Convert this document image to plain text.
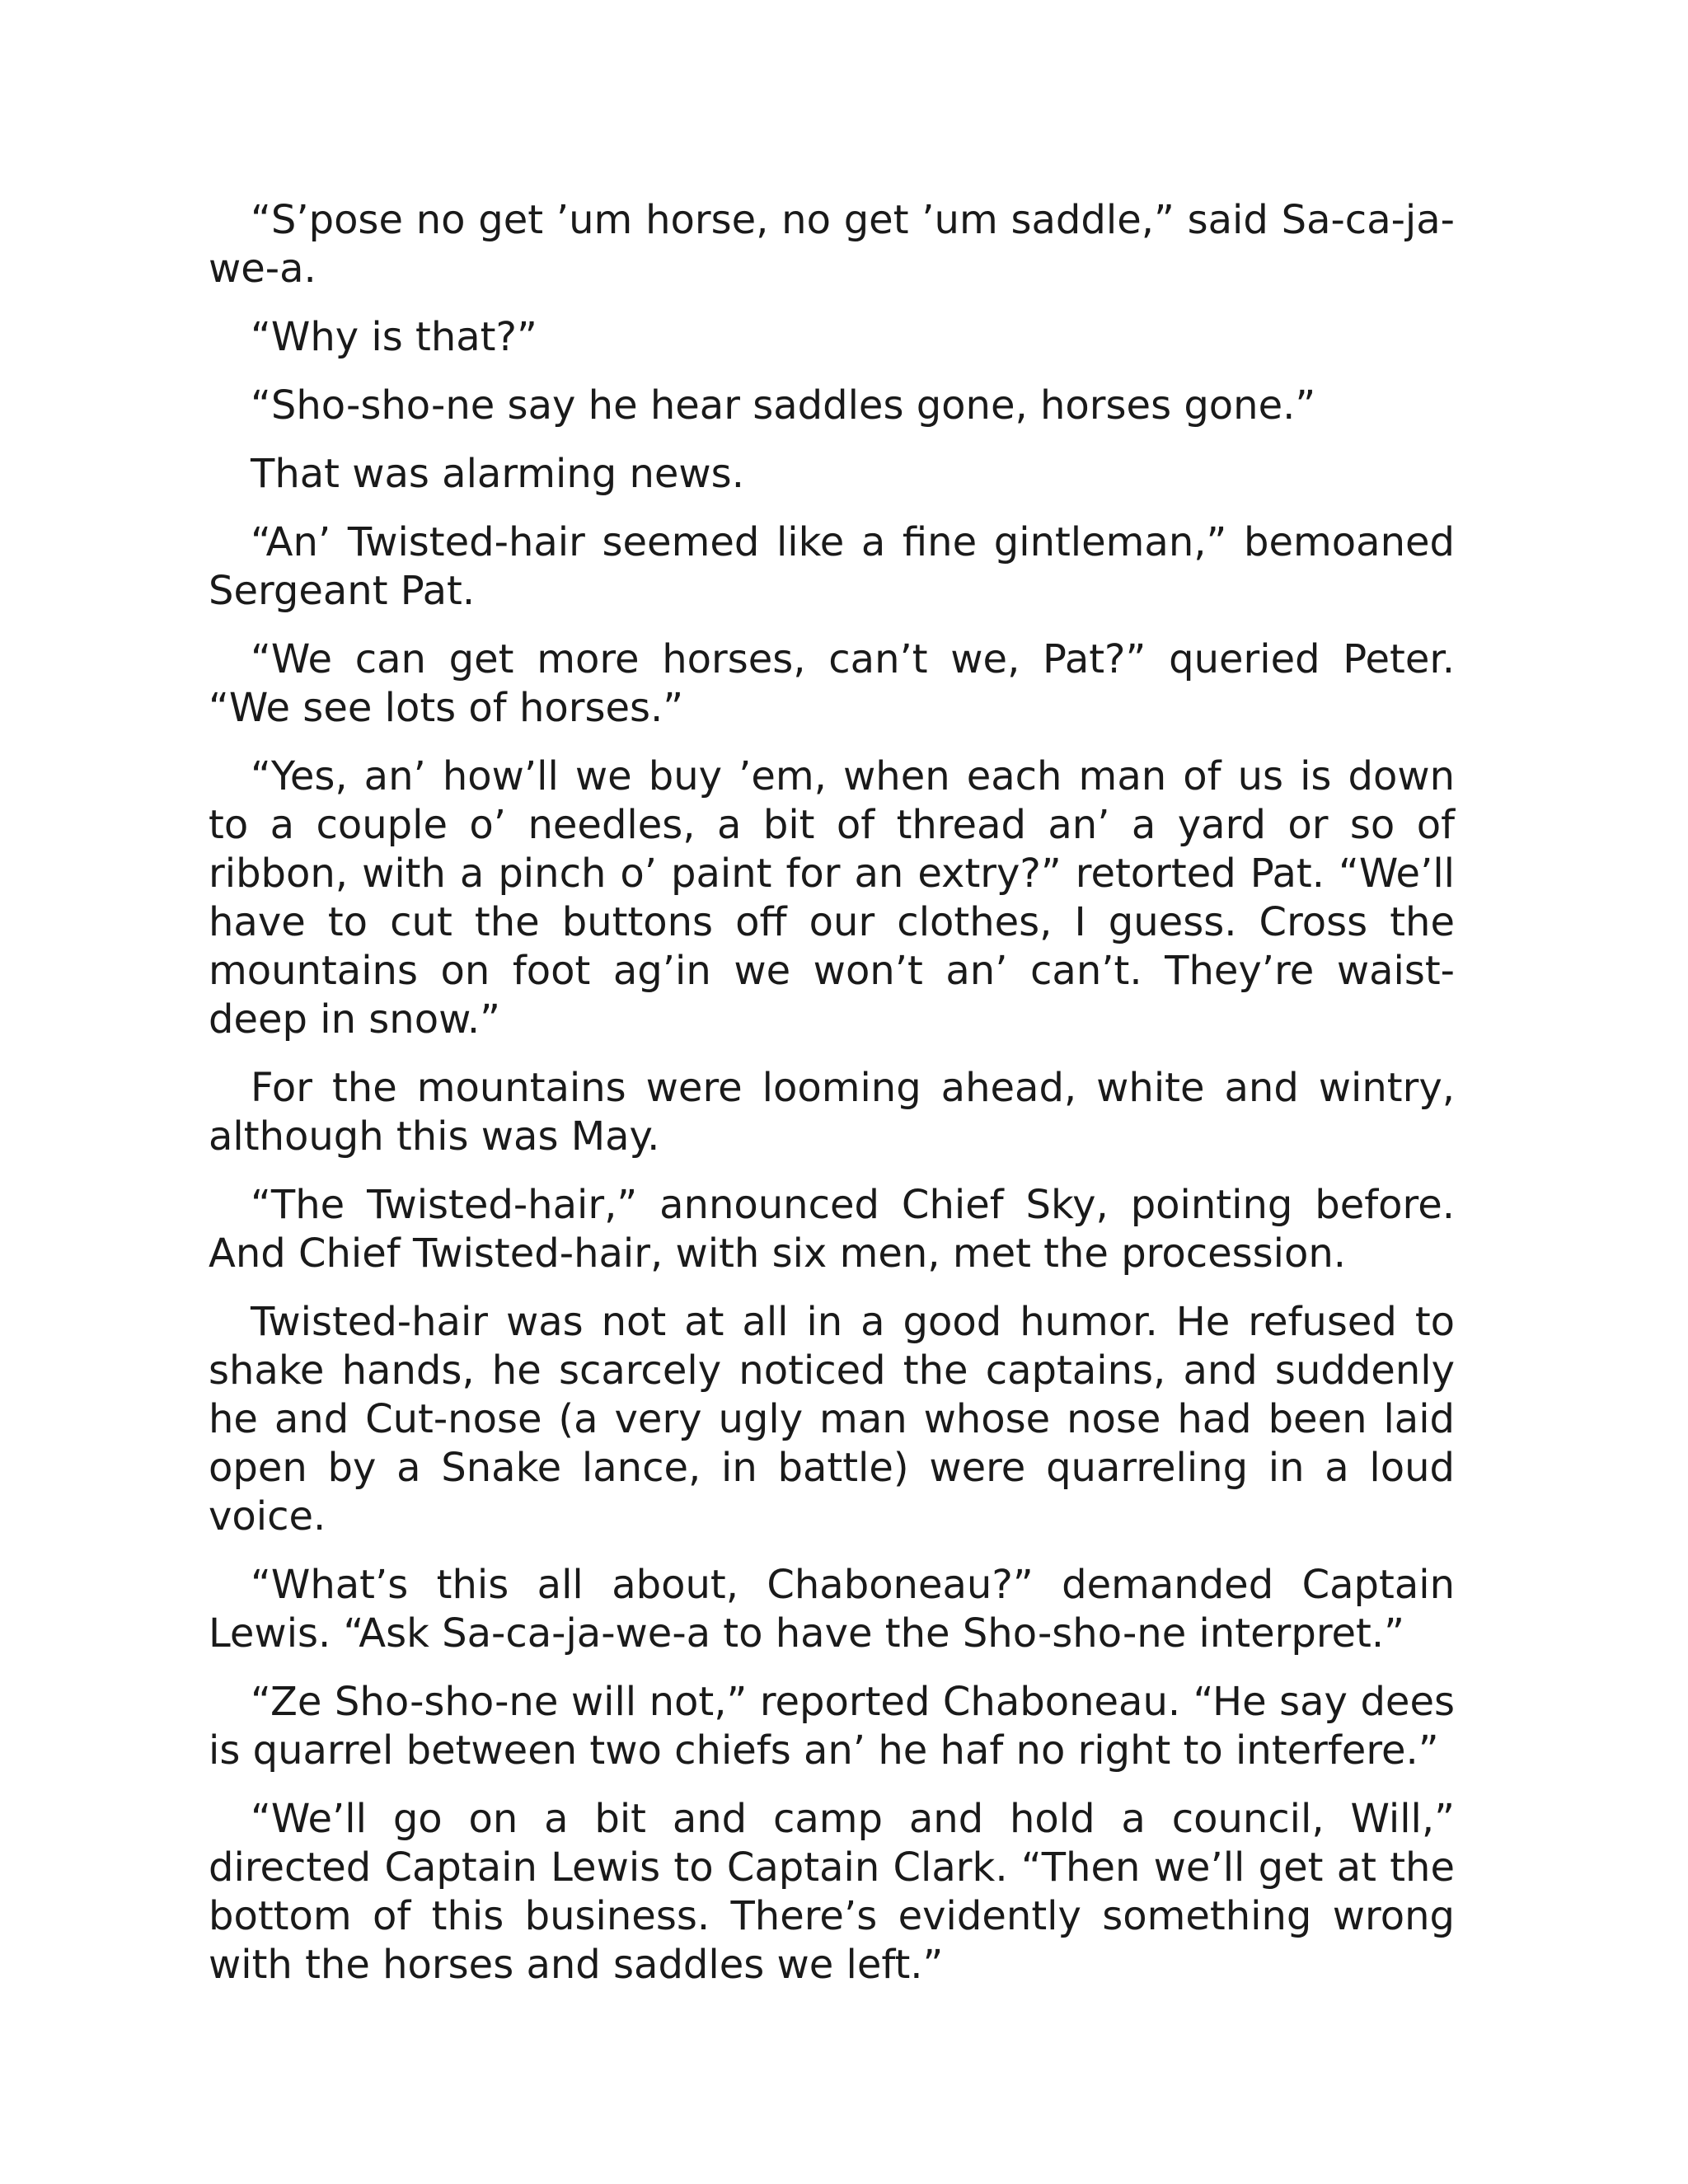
“S’pose no get ’um horse, no get ’um saddle,” said Sa-ca-ja-we-a.

“Why is that?”

“Sho-sho-ne say he hear saddles gone, horses gone.”

That was alarming news.

“An’ Twisted-hair seemed like a fine gintleman,” bemoaned Sergeant Pat.

“We can get more horses, can’t we, Pat?” queried Peter. “We see lots of horses.”

“Yes, an’ how’ll we buy ’em, when each man of us is down to a couple o’ needles, a bit of thread an’ a yard or so of ribbon, with a pinch o’ paint for an extry?” retorted Pat. “We’ll have to cut the buttons off our clothes, I guess. Cross the mountains on foot ag’in we won’t an’ can’t. They’re waist-deep in snow.”

For the mountains were looming ahead, white and wintry, although this was May.

“The Twisted-hair,” announced Chief Sky, pointing before. And Chief Twisted-hair, with six men, met the procession.

Twisted-hair was not at all in a good humor. He refused to shake hands, he scarcely noticed the captains, and suddenly he and Cut-nose (a very ugly man whose nose had been laid open by a Snake lance, in battle) were quarreling in a loud voice.

“What’s this all about, Chaboneau?” demanded Captain Lewis. “Ask Sa-ca-ja-we-a to have the Sho-sho-ne interpret.”

“Ze Sho-sho-ne will not,” reported Chaboneau. “He say dees is quarrel between two chiefs an’ he haf no right to interfere.”

“We’ll go on a bit and camp and hold a council, Will,” directed Captain Lewis to Captain Clark. “Then we’ll get at the bottom of this business. There’s evidently something wrong with the horses and saddles we left.”
